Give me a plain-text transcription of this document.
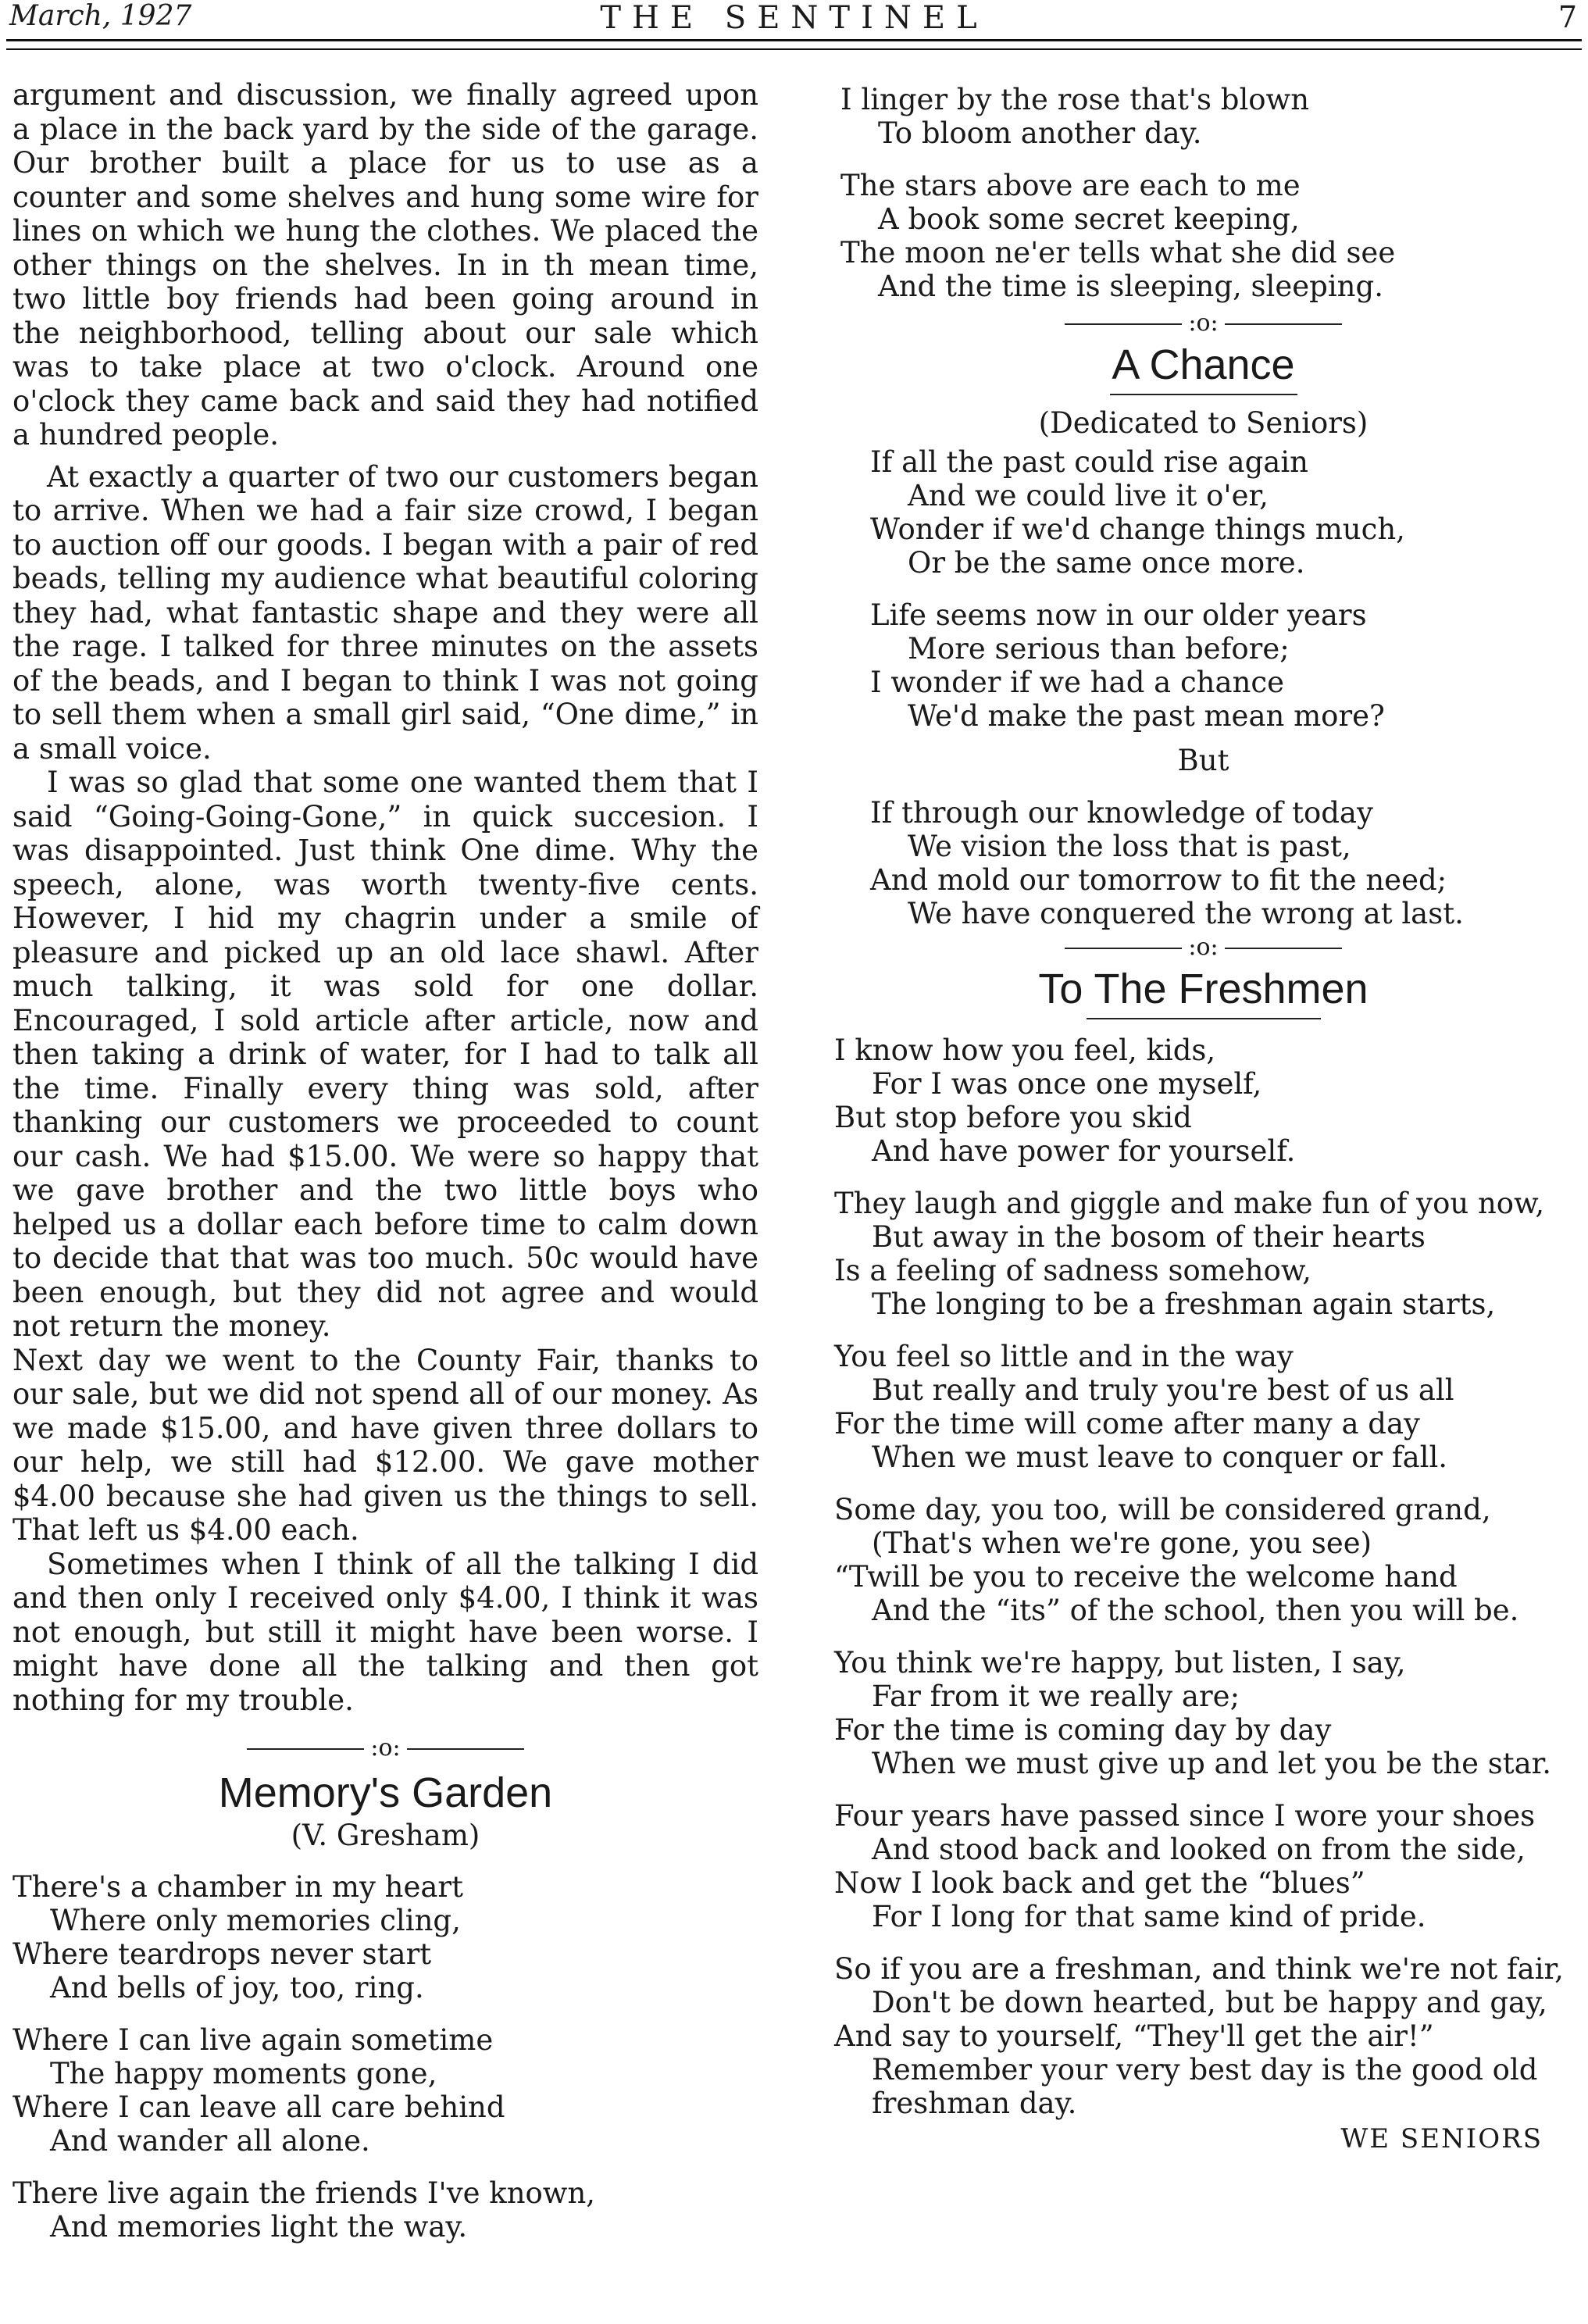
March, 1927	THE SENTINEL	7

argument and discussion, we finally agreed upon a place in the back yard by the side of the garage. Our brother built a place for us to use as a counter and some shelves and hung some wire for lines on which we hung the clothes. We placed the other things on the shelves. In in th mean time, two little boy friends had been going around in the neighborhood, telling about our sale which was to take place at two o'clock. Around one o'clock they came back and said they had notified a hundred people.

At exactly a quarter of two our customers began to arrive. When we had a fair size crowd, I began to auction off our goods. I began with a pair of red beads, telling my audience what beautiful coloring they had, what fantastic shape and they were all the rage. I talked for three minutes on the assets of the beads, and I began to think I was not going to sell them when a small girl said, “One dime,” in a small voice.

I was so glad that some one wanted them that I said “Going-Going-Gone,” in quick succesion. I was disappointed. Just think One dime. Why the speech, alone, was worth twenty-five cents. However, I hid my chagrin under a smile of pleasure and picked up an old lace shawl. After much talking, it was sold for one dollar. Encouraged, I sold article after article, now and then taking a drink of water, for I had to talk all the time. Finally every thing was sold, after thanking our customers we proceeded to count our cash. We had $15.00. We were so happy that we gave brother and the two little boys who helped us a dollar each before time to calm down to decide that that was too much. 50c would have been enough, but they did not agree and would not return the money.

Next day we went to the County Fair, thanks to our sale, but we did not spend all of our money. As we made $15.00, and have given three dollars to our help, we still had $12.00. We gave mother $4.00 because she had given us the things to sell. That left us $4.00 each.

Sometimes when I think of all the talking I did and then only I received only $4.00, I think it was not enough, but still it might have been worse. I might have done all the talking and then got nothing for my trouble.

:o:
Memory's Garden
(V. Gresham)
There's a chamber in my heart
Where only memories cling,
Where teardrops never start
And bells of joy, too, ring.
Where I can live again sometime
The happy moments gone,
Where I can leave all care behind
And wander all alone.
There live again the friends I've known,
And memories light the way.
I linger by the rose that's blown
To bloom another day.
The stars above are each to me
A book some secret keeping,
The moon ne'er tells what she did see
And the time is sleeping, sleeping.
:o:
A Chance
(Dedicated to Seniors)
If all the past could rise again
And we could live it o'er,
Wonder if we'd change things much,
Or be the same once more.
Life seems now in our older years
More serious than before;
I wonder if we had a chance
We'd make the past mean more?
But
If through our knowledge of today
We vision the loss that is past,
And mold our tomorrow to fit the need;
We have conquered the wrong at last.
:o:
To The Freshmen
I know how you feel, kids,
For I was once one myself,
But stop before you skid
And have power for yourself.
They laugh and giggle and make fun of you now,
But away in the bosom of their hearts
Is a feeling of sadness somehow,
The longing to be a freshman again starts,
You feel so little and in the way
But really and truly you're best of us all
For the time will come after many a day
When we must leave to conquer or fall.
Some day, you too, will be considered grand,
(That's when we're gone, you see)
“Twill be you to receive the welcome hand
And the “its” of the school, then you will be.
You think we're happy, but listen, I say,
Far from it we really are;
For the time is coming day by day
When we must give up and let you be the star.
Four years have passed since I wore your shoes
And stood back and looked on from the side,
Now I look back and get the “blues”
For I long for that same kind of pride.
So if you are a freshman, and think we're not fair,
Don't be down hearted, but be happy and gay,
And say to yourself, “They'll get the air!”
Remember your very best day is the good old freshman day.
WE SENIORS
